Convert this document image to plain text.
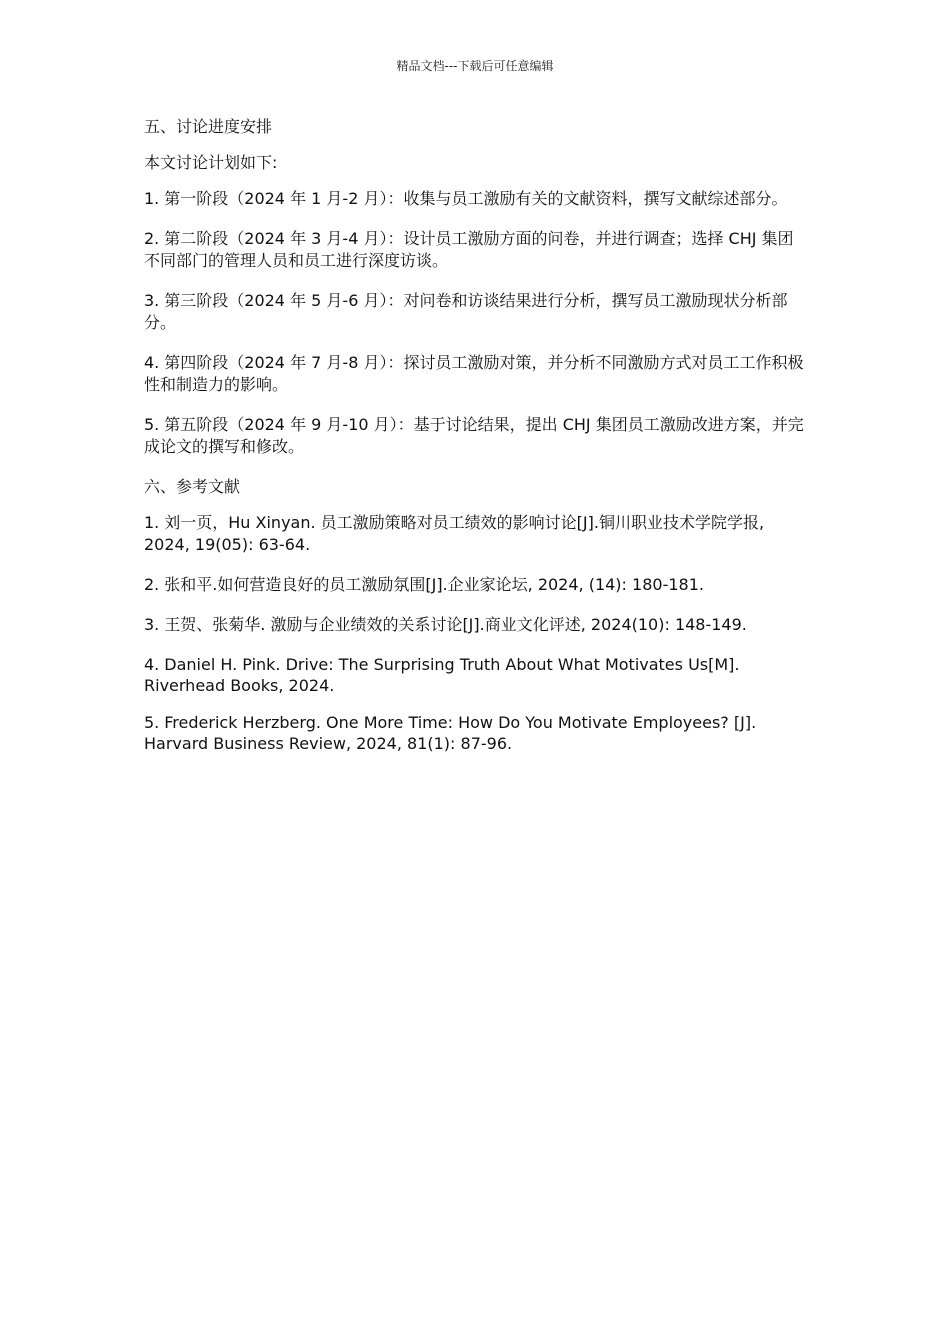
精品文档---下载后可任意编辑
五、讨论进度安排
本文讨论计划如下:
1. 第一阶段（2024 年 1 月-2 月）：收集与员工激励有关的文献资料，撰写文献综述部分。
2. 第二阶段（2024 年 3 月-4 月）：设计员工激励方面的问卷，并进行调查；选择 CHJ 集团不同部门的管理人员和员工进行深度访谈。
3. 第三阶段（2024 年 5 月-6 月）：对问卷和访谈结果进行分析，撰写员工激励现状分析部分。
4. 第四阶段（2024 年 7 月-8 月）：探讨员工激励对策，并分析不同激励方式对员工工作积极性和制造力的影响。
5. 第五阶段（2024 年 9 月-10 月）：基于讨论结果，提出 CHJ 集团员工激励改进方案，并完成论文的撰写和修改。
六、参考文献
1. 刘一页，Hu Xinyan. 员工激励策略对员工绩效的影响讨论[J].铜川职业技术学院学报, 2024, 19(05): 63-64.
2. 张和平.如何营造良好的员工激励氛围[J].企业家论坛, 2024, (14): 180-181.
3. 王贺、张菊华. 激励与企业绩效的关系讨论[J].商业文化评述, 2024(10): 148-149.
4. Daniel H. Pink. Drive: The Surprising Truth About What Motivates Us[M]. Riverhead Books, 2024.
5. Frederick Herzberg. One More Time: How Do You Motivate Employees? [J]. Harvard Business Review, 2024, 81(1): 87-96.
